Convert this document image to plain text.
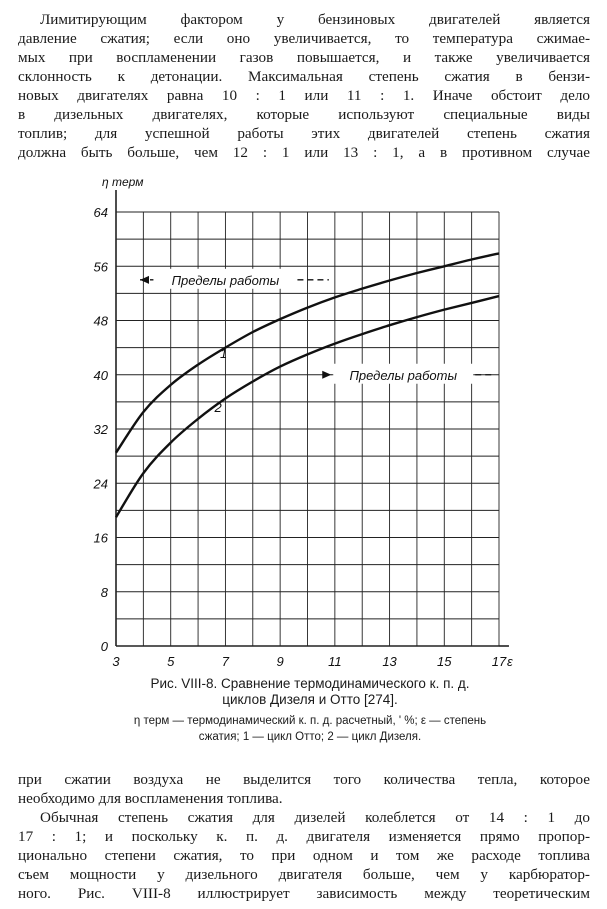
Лимитирующим фактором у бензиновых двигателей является
давление сжатия; если оно увеличивается, то температура сжимае-
мых при воспламенении газов повышается, и также увеличивается
склонность к детонации. Максимальная степень сжатия в бензи-
новых двигателях равна 10 : 1 или 11 : 1. Иначе обстоит дело
в дизельных двигателях, которые используют специальные виды
топлив; для успешной работы этих двигателей степень сжатия
должна быть больше, чем 12 : 1 или 13 : 1, а в противном случае
0
8
16
24
32
40
48
56
64
3	5	7	9	11	13	15	17
1
2
Пределы работы
Пределы работы
η терм
ε
Рис. VIII-8. Сравнение термодинамического к. п. д.
циклов Дизеля и Отто [274].
η терм — термодинамический к. п. д. расчетный, ' %; ε — степень
сжатия; 1 — цикл Отто; 2 — цикл Дизеля.
при сжатии воздуха не выделится того количества тепла, которое
необходимо для воспламенения топлива.
Обычная степень сжатия для дизелей колеблется от 14 : 1 до
17 : 1; и поскольку к. п. д. двигателя изменяется прямо пропор-
ционально степени сжатия, то при одном и том же расходе топлива
съем мощности у дизельного двигателя больше, чем у карбюратор-
ного. Рис. VIII-8 иллюстрирует зависимость между теоретическим
